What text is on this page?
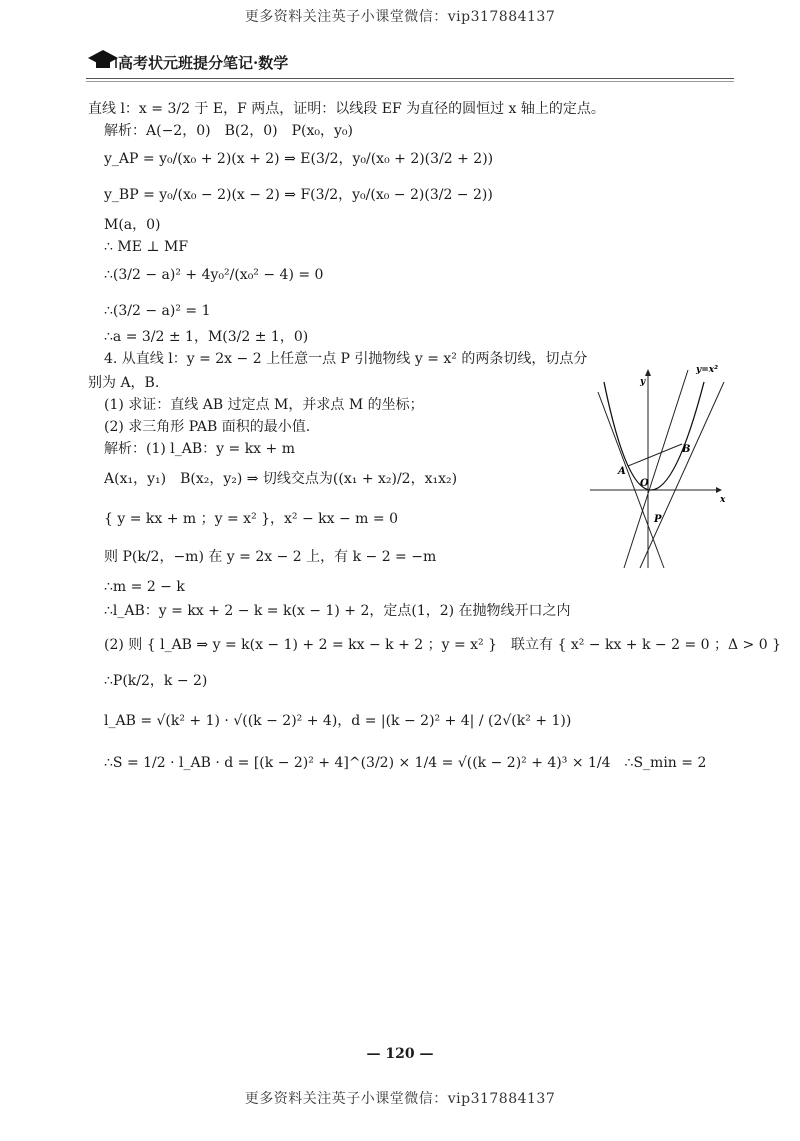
更多资料关注英子小课堂微信：vip317884137
高考状元班提分笔记·数学
直线 l：x = 3/2 于 E，F 两点，证明：以线段 EF 为直径的圆恒过 x 轴上的定点。
解析：A(−2，0)　B(2，0)　P(x₀，y₀)
y_AP = y₀/(x₀ + 2)(x + 2) ⇒ E(3/2，y₀/(x₀ + 2)(3/2 + 2))
y_BP = y₀/(x₀ − 2)(x − 2) ⇒ F(3/2，y₀/(x₀ − 2)(3/2 − 2))
M(a，0)
∴ ME ⊥ MF
∴(3/2 − a)² + 4y₀²/(x₀² − 4) = 0
∴(3/2 − a)² = 1
∴a = 3/2 ± 1，M(3/2 ± 1，0)
4. 从直线 l：y = 2x − 2 上任意一点 P 引抛物线 y = x² 的两条切线，切点分
别为 A，B.
(1) 求证：直线 AB 过定点 M，并求点 M 的坐标；
(2) 求三角形 PAB 面积的最小值.
解析：(1) l_AB：y = kx + m
A(x₁，y₁)　B(x₂，y₂) ⇒ 切线交点为((x₁ + x₂)/2，x₁x₂)
{ y = kx + m ；y = x² }，x² − kx − m = 0
则 P(k/2，−m) 在 y = 2x − 2 上，有 k − 2 = −m
∴m = 2 − k
∴l_AB：y = kx + 2 − k = k(x − 1) + 2，定点(1，2) 在抛物线开口之内
(2) 则 { l_AB ⇒ y = k(x − 1) + 2 = kx − k + 2 ；y = x² }　联立有 { x² − kx + k − 2 = 0 ；Δ > 0 }
∴P(k/2，k − 2)
l_AB = √(k² + 1) · √((k − 2)² + 4)，d = |(k − 2)² + 4| / (2√(k² + 1))
∴S = 1/2 · l_AB · d = [(k − 2)² + 4]^(3/2) × 1/4 = √((k − 2)² + 4)³ × 1/4　∴S_min = 2
y=x²
y
x
A
B
O
P
— 120 —
更多资料关注英子小课堂微信：vip317884137
